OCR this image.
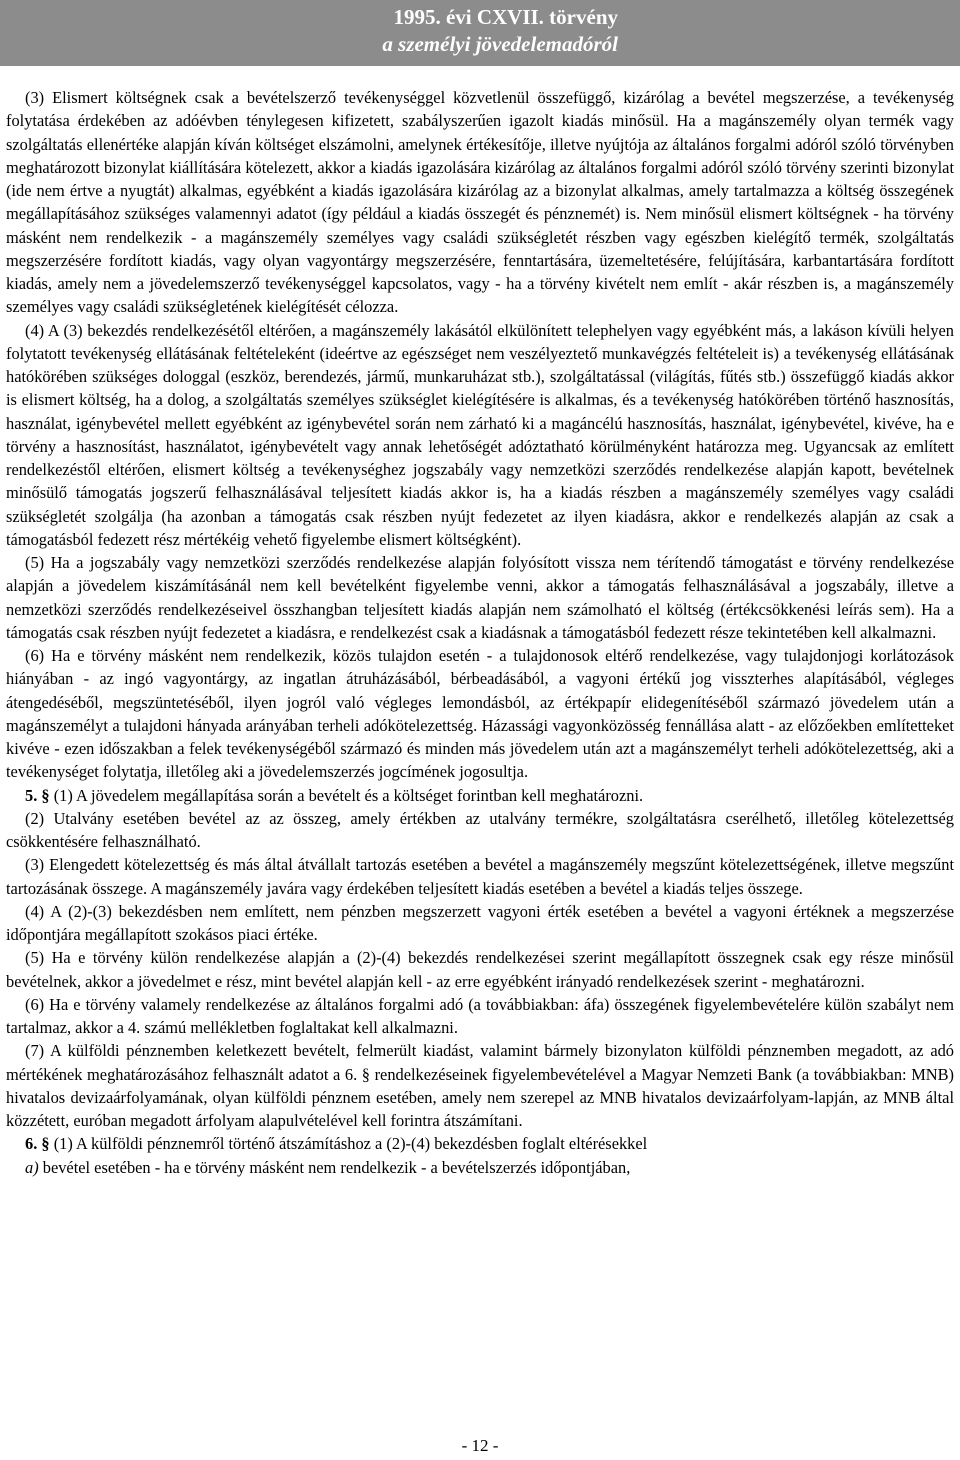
1995. évi CXVII. törvény
a személyi jövedelemadóról

(3) Elismert költségnek csak a bevételszerző tevékenységgel közvetlenül összefüggő, kizárólag a bevétel megszerzése, a tevékenység folytatása érdekében az adóévben ténylegesen kifizetett, szabályszerűen igazolt kiadás minősül. Ha a magánszemély olyan termék vagy szolgáltatás ellenértéke alapján kíván költséget elszámolni, amelynek értékesítője, illetve nyújtója az általános forgalmi adóról szóló törvényben meghatározott bizonylat kiállítására kötelezett, akkor a kiadás igazolására kizárólag az általános forgalmi adóról szóló törvény szerinti bizonylat (ide nem értve a nyugtát) alkalmas, egyébként a kiadás igazolására kizárólag az a bizonylat alkalmas, amely tartalmazza a költség összegének megállapításához szükséges valamennyi adatot (így például a kiadás összegét és pénznemét) is. Nem minősül elismert költségnek - ha törvény másként nem rendelkezik - a magánszemély személyes vagy családi szükségletét részben vagy egészben kielégítő termék, szolgáltatás megszerzésére fordított kiadás, vagy olyan vagyontárgy megszerzésére, fenntartására, üzemeltetésére, felújítására, karbantartására fordított kiadás, amely nem a jövedelemszerző tevékenységgel kapcsolatos, vagy - ha a törvény kivételt nem említ - akár részben is, a magánszemély személyes vagy családi szükségletének kielégítését célozza.

(4) A (3) bekezdés rendelkezésétől eltérően, a magánszemély lakásától elkülönített telephelyen vagy egyébként más, a lakáson kívüli helyen folytatott tevékenység ellátásának feltételeként (ideértve az egészséget nem veszélyeztető munkavégzés feltételeit is) a tevékenység ellátásának hatókörében szükséges dologgal (eszköz, berendezés, jármű, munkaruházat stb.), szolgáltatással (világítás, fűtés stb.) összefüggő kiadás akkor is elismert költség, ha a dolog, a szolgáltatás személyes szükséglet kielégítésére is alkalmas, és a tevékenység hatókörében történő hasznosítás, használat, igénybevétel mellett egyébként az igénybevétel során nem zárható ki a magáncélú hasznosítás, használat, igénybevétel, kivéve, ha e törvény a hasznosítást, használatot, igénybevételt vagy annak lehetőségét adóztatható körülményként határozza meg. Ugyancsak az említett rendelkezéstől eltérően, elismert költség a tevékenységhez jogszabály vagy nemzetközi szerződés rendelkezése alapján kapott, bevételnek minősülő támogatás jogszerű felhasználásával teljesített kiadás akkor is, ha a kiadás részben a magánszemély személyes vagy családi szükségletét szolgálja (ha azonban a támogatás csak részben nyújt fedezetet az ilyen kiadásra, akkor e rendelkezés alapján az csak a támogatásból fedezett rész mértékéig vehető figyelembe elismert költségként).

(5) Ha a jogszabály vagy nemzetközi szerződés rendelkezése alapján folyósított vissza nem térítendő támogatást e törvény rendelkezése alapján a jövedelem kiszámításánál nem kell bevételként figyelembe venni, akkor a támogatás felhasználásával a jogszabály, illetve a nemzetközi szerződés rendelkezéseivel összhangban teljesített kiadás alapján nem számolható el költség (értékcsökkenési leírás sem). Ha a támogatás csak részben nyújt fedezetet a kiadásra, e rendelkezést csak a kiadásnak a támogatásból fedezett része tekintetében kell alkalmazni.

(6) Ha e törvény másként nem rendelkezik, közös tulajdon esetén - a tulajdonosok eltérő rendelkezése, vagy tulajdonjogi korlátozások hiányában - az ingó vagyontárgy, az ingatlan átruházásából, bérbeadásából, a vagyoni értékű jog visszterhes alapításából, végleges átengedéséből, megszüntetéséből, ilyen jogról való végleges lemondásból, az értékpapír elidegenítéséből származó jövedelem után a magánszemélyt a tulajdoni hányada arányában terheli adókötelezettség. Házassági vagyonközösség fennállása alatt - az előzőekben említetteket kivéve - ezen időszakban a felek tevékenységéből származó és minden más jövedelem után azt a magánszemélyt terheli adókötelezettség, aki a tevékenységet folytatja, illetőleg aki a jövedelemszerzés jogcímének jogosultja.

5. § (1) A jövedelem megállapítása során a bevételt és a költséget forintban kell meghatározni.

(2) Utalvány esetében bevétel az az összeg, amely értékben az utalvány termékre, szolgáltatásra cserélhető, illetőleg kötelezettség csökkentésére felhasználható.

(3) Elengedett kötelezettség és más által átvállalt tartozás esetében a bevétel a magánszemély megszűnt kötelezettségének, illetve megszűnt tartozásának összege. A magánszemély javára vagy érdekében teljesített kiadás esetében a bevétel a kiadás teljes összege.

(4) A (2)-(3) bekezdésben nem említett, nem pénzben megszerzett vagyoni érték esetében a bevétel a vagyoni értéknek a megszerzése időpontjára megállapított szokásos piaci értéke.

(5) Ha e törvény külön rendelkezése alapján a (2)-(4) bekezdés rendelkezései szerint megállapított összegnek csak egy része minősül bevételnek, akkor a jövedelmet e rész, mint bevétel alapján kell - az erre egyébként irányadó rendelkezések szerint - meghatározni.

(6) Ha e törvény valamely rendelkezése az általános forgalmi adó (a továbbiakban: áfa) összegének figyelembevételére külön szabályt nem tartalmaz, akkor a 4. számú mellékletben foglaltakat kell alkalmazni.

(7) A külföldi pénznemben keletkezett bevételt, felmerült kiadást, valamint bármely bizonylaton külföldi pénznemben megadott, az adó mértékének meghatározásához felhasznált adatot a 6. § rendelkezéseinek figyelembevételével a Magyar Nemzeti Bank (a továbbiakban: MNB) hivatalos devizaárfolyamának, olyan külföldi pénznem esetében, amely nem szerepel az MNB hivatalos devizaárfolyam-lapján, az MNB által közzétett, euróban megadott árfolyam alapulvételével kell forintra átszámítani.

6. § (1) A külföldi pénznemről történő átszámításhoz a (2)-(4) bekezdésben foglalt eltérésekkel

a) bevétel esetében - ha e törvény másként nem rendelkezik - a bevételszerzés időpontjában,

- 12 -
